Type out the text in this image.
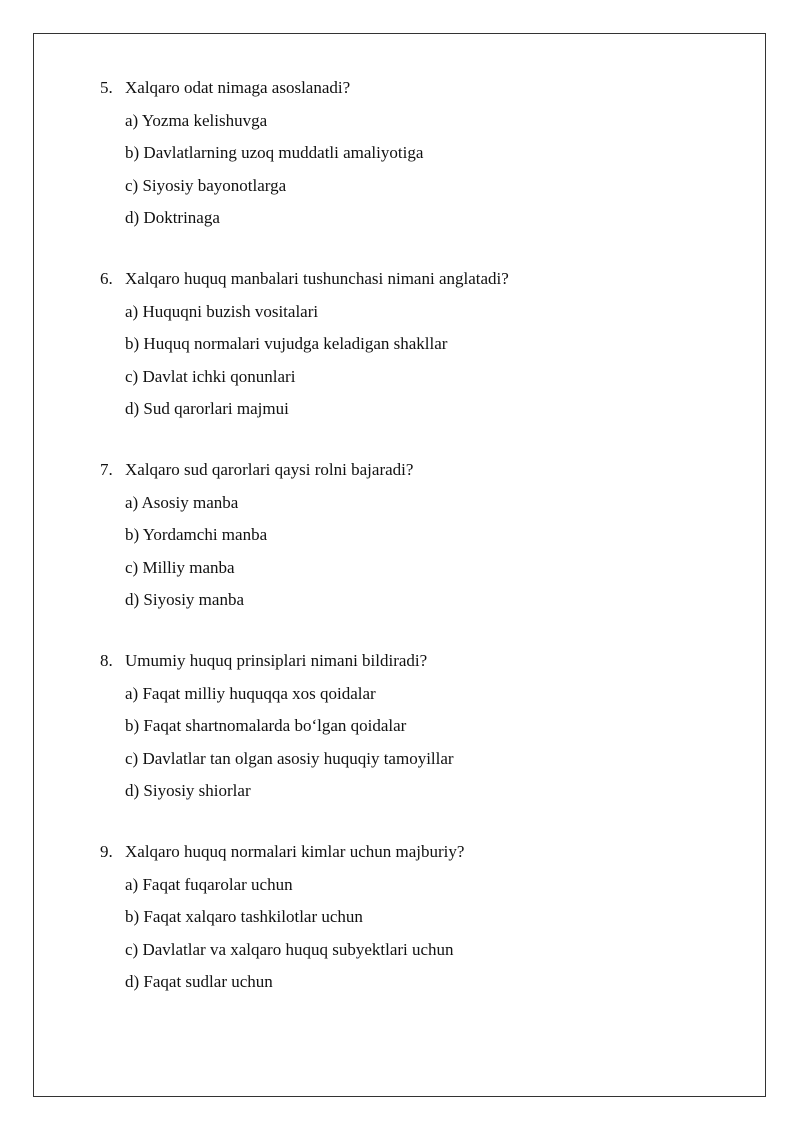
5. Xalqaro odat nimaga asoslanadi?
a) Yozma kelishuvga
b) Davlatlarning uzoq muddatli amaliyotiga
c) Siyosiy bayonotlarga
d) Doktrinaga
6. Xalqaro huquq manbalari tushunchasi nimani anglatadi?
a) Huquqni buzish vositalari
b) Huquq normalari vujudga keladigan shakllar
c) Davlat ichki qonunlari
d) Sud qarorlari majmui
7. Xalqaro sud qarorlari qaysi rolni bajaradi?
a) Asosiy manba
b) Yordamchi manba
c) Milliy manba
d) Siyosiy manba
8. Umumiy huquq prinsiplari nimani bildiradi?
a) Faqat milliy huquqqa xos qoidalar
b) Faqat shartnomalarda bo‘lgan qoidalar
c) Davlatlar tan olgan asosiy huquqiy tamoyillar
d) Siyosiy shiorlar
9. Xalqaro huquq normalari kimlar uchun majburiy?
a) Faqat fuqarolar uchun
b) Faqat xalqaro tashkilotlar uchun
c) Davlatlar va xalqaro huquq subyektlari uchun
d) Faqat sudlar uchun
